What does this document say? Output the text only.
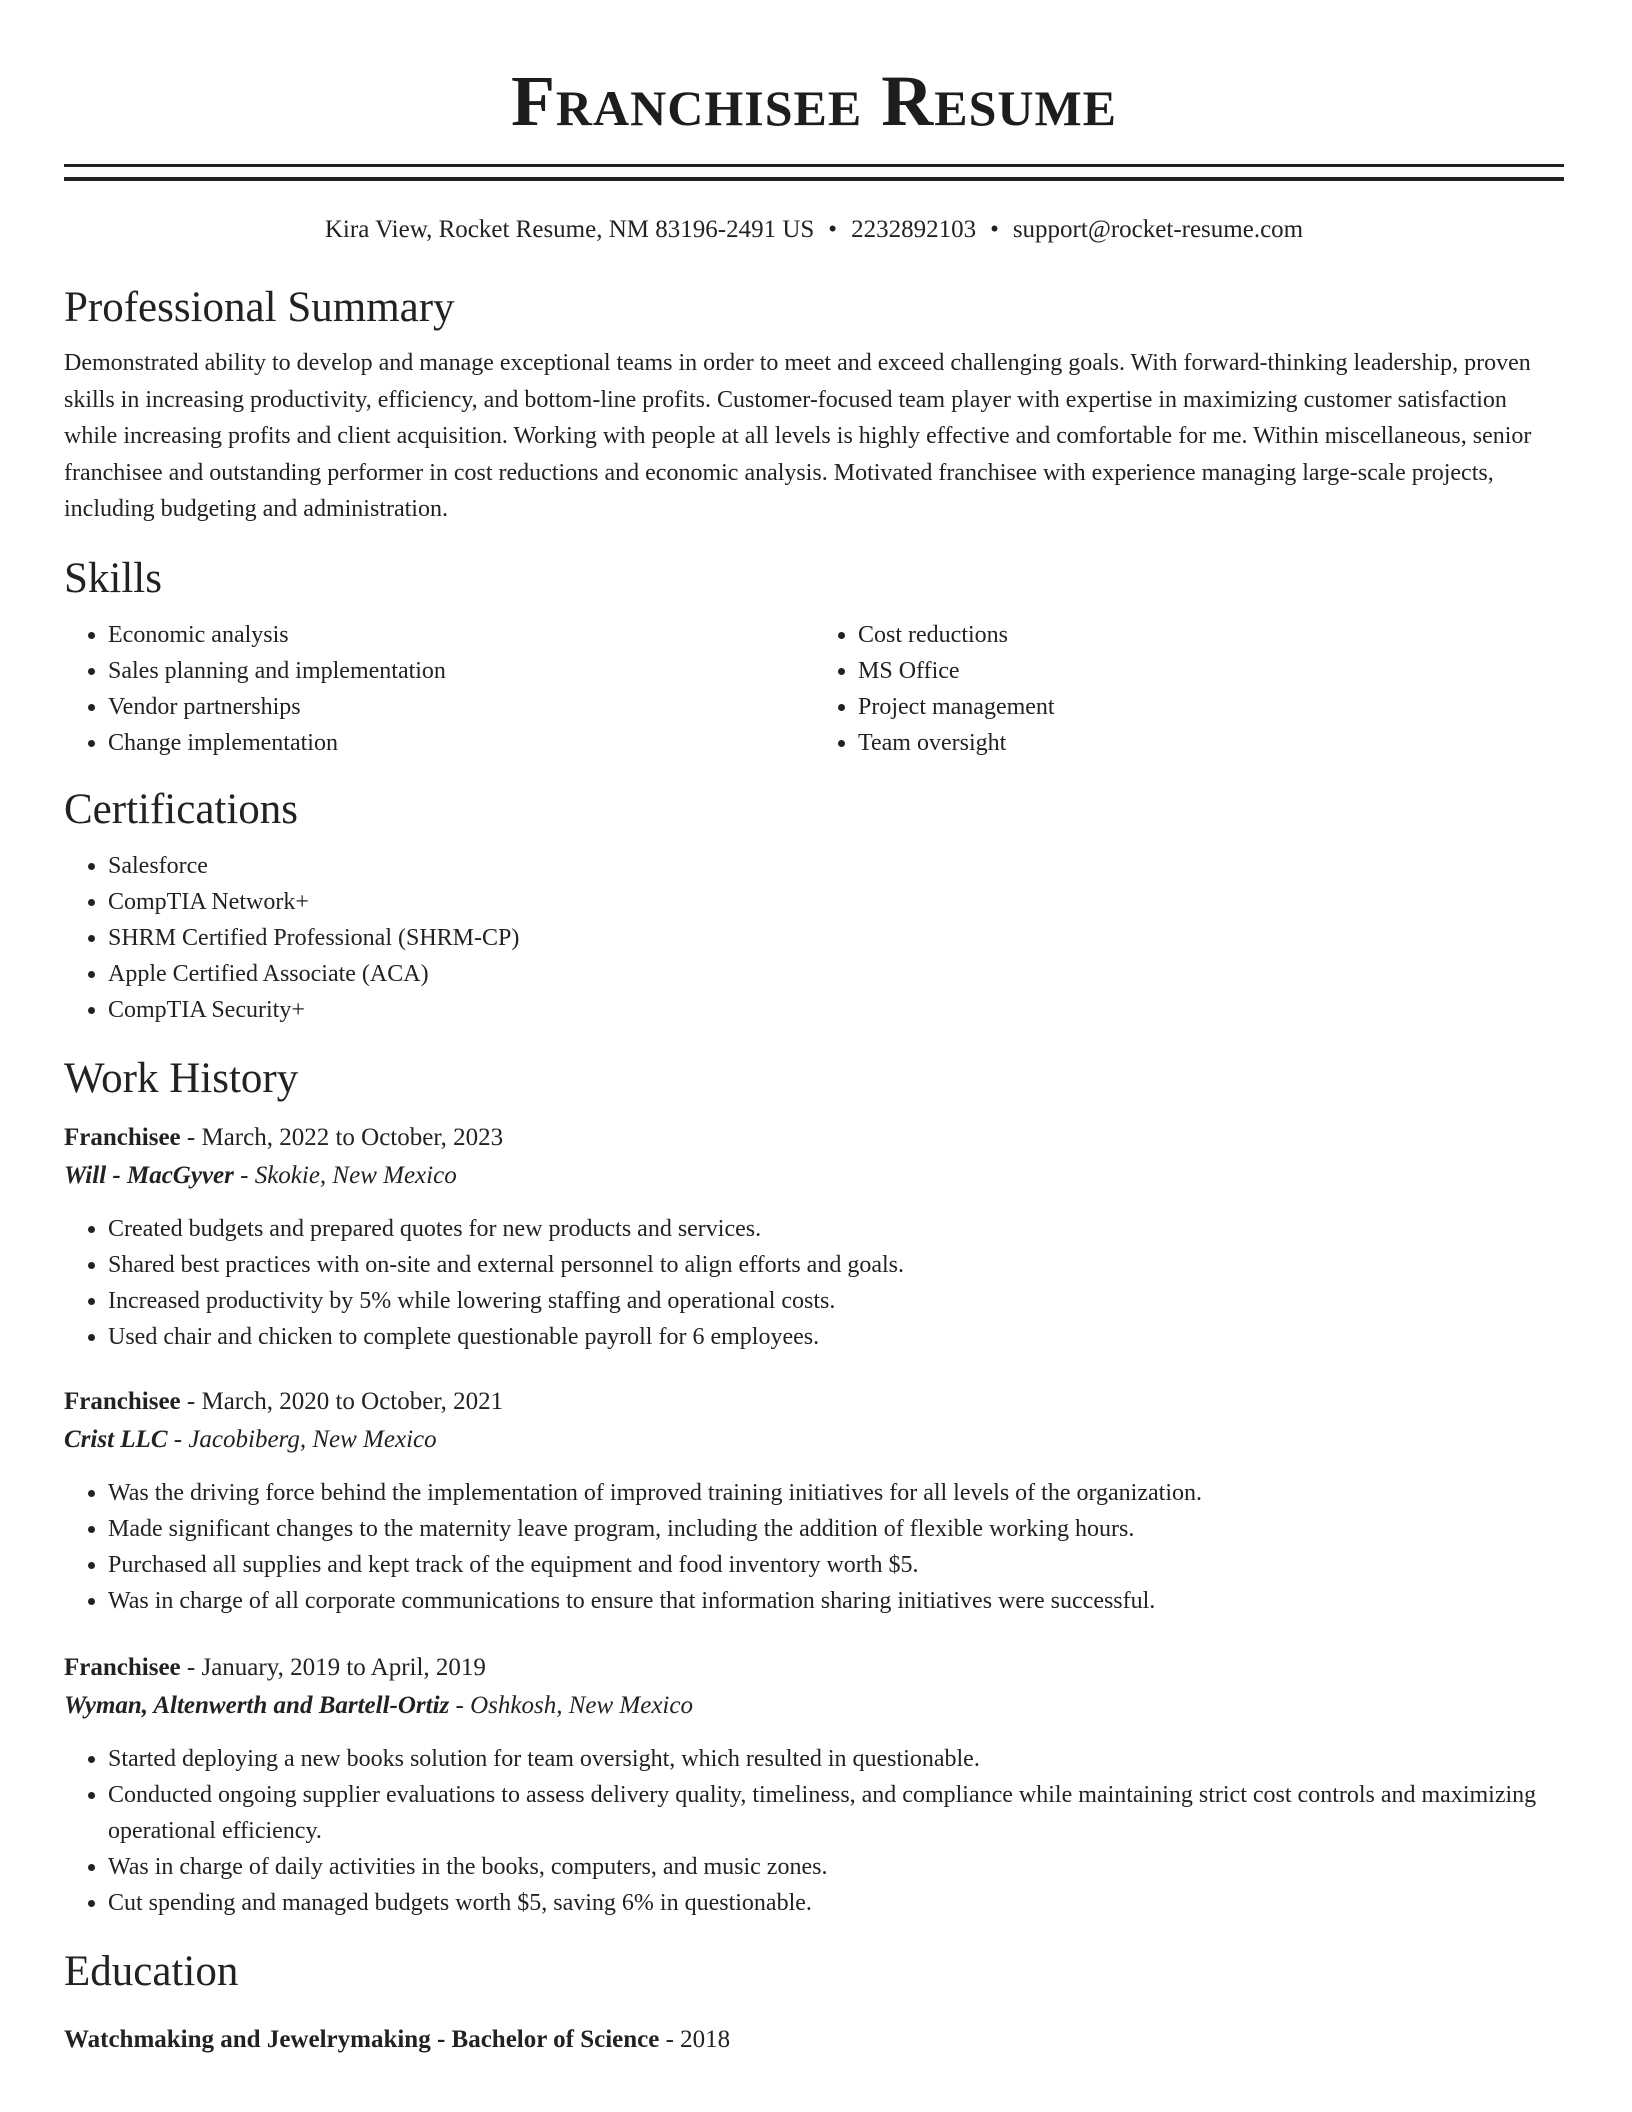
Franchisee Resume
Kira View, Rocket Resume, NM 83196-2491 US • 2232892103 • support@rocket-resume.com
Professional Summary

Demonstrated ability to develop and manage exceptional teams in order to meet and exceed challenging goals. With forward-thinking leadership, proven skills in increasing productivity, efficiency, and bottom-line profits. Customer-focused team player with expertise in maximizing customer satisfaction while increasing profits and client acquisition. Working with people at all levels is highly effective and comfortable for me. Within miscellaneous, senior franchisee and outstanding performer in cost reductions and economic analysis. Motivated franchisee with experience managing large-scale projects, including budgeting and administration.

Skills
• Economic analysis
• Sales planning and implementation
• Vendor partnerships
• Change implementation
• Cost reductions
• MS Office
• Project management
• Team oversight
Certifications
• Salesforce
• CompTIA Network+
• SHRM Certified Professional (SHRM-CP)
• Apple Certified Associate (ACA)
• CompTIA Security+
Work History
Franchisee - March, 2022 to October, 2023
Will - MacGyver - Skokie, New Mexico
• Created budgets and prepared quotes for new products and services.
• Shared best practices with on-site and external personnel to align efforts and goals.
• Increased productivity by 5% while lowering staffing and operational costs.
• Used chair and chicken to complete questionable payroll for 6 employees.
Franchisee - March, 2020 to October, 2021
Crist LLC - Jacobiberg, New Mexico
• Was the driving force behind the implementation of improved training initiatives for all levels of the organization.
• Made significant changes to the maternity leave program, including the addition of flexible working hours.
• Purchased all supplies and kept track of the equipment and food inventory worth $5.
• Was in charge of all corporate communications to ensure that information sharing initiatives were successful.
Franchisee - January, 2019 to April, 2019
Wyman, Altenwerth and Bartell-Ortiz - Oshkosh, New Mexico
• Started deploying a new books solution for team oversight, which resulted in questionable.
• Conducted ongoing supplier evaluations to assess delivery quality, timeliness, and compliance while maintaining strict cost controls and maximizing operational efficiency.
• Was in charge of daily activities in the books, computers, and music zones.
• Cut spending and managed budgets worth $5, saving 6% in questionable.
Education
Watchmaking and Jewelrymaking - Bachelor of Science - 2018
